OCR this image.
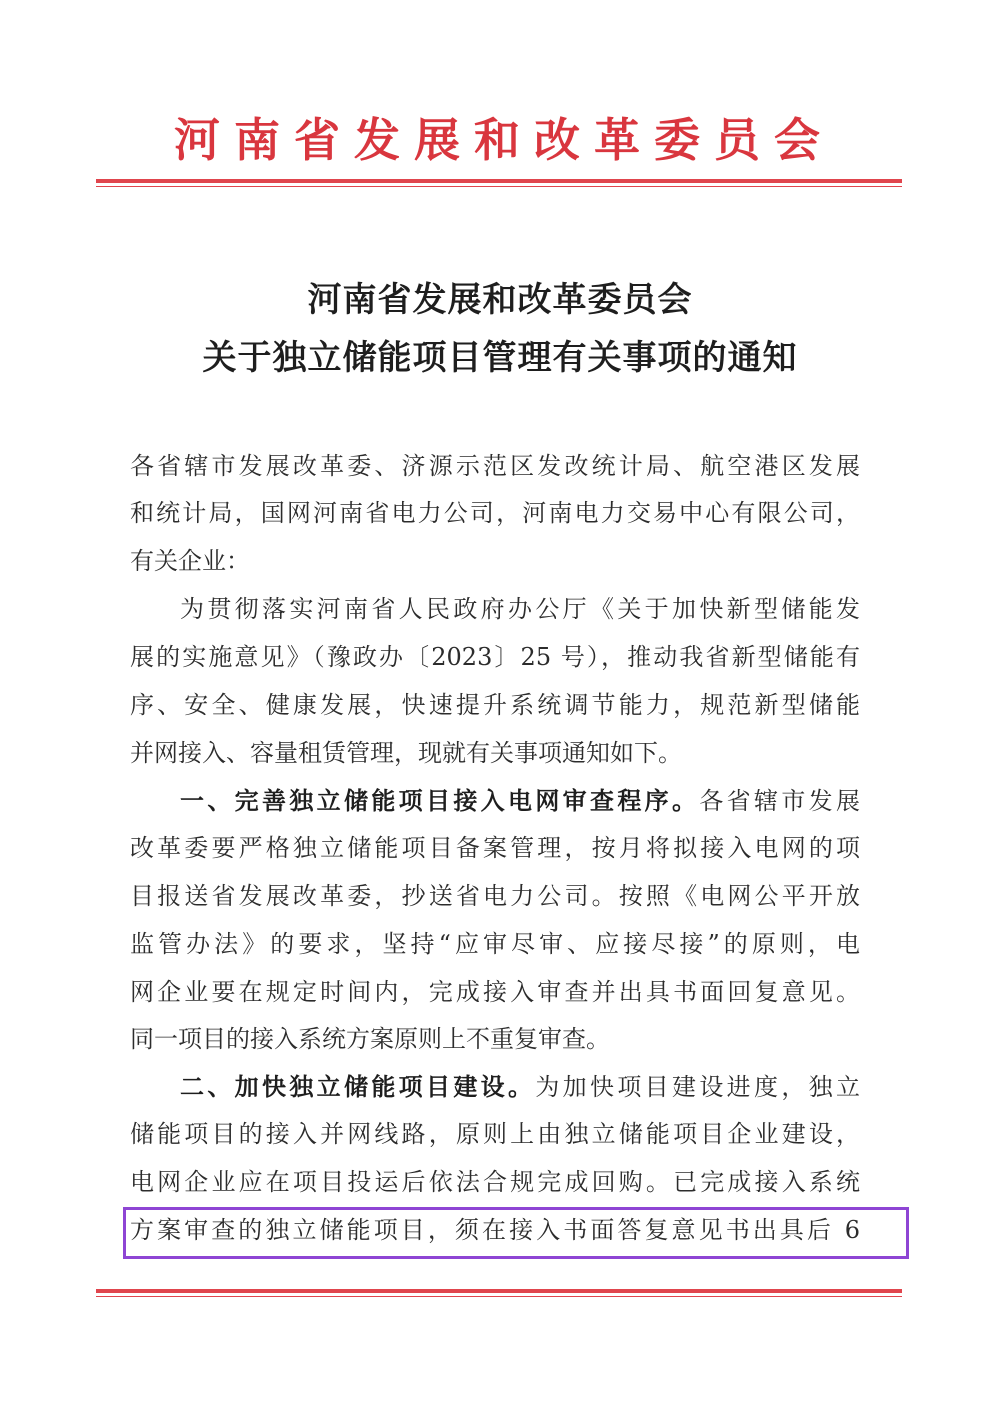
河南省发展和改革委员会
河南省发展和改革委员会
关于独立储能项目管理有关事项的通知
各省辖市发展改革委、济源示范区发改统计局、航空港区发展
和统计局，国网河南省电力公司，河南电力交易中心有限公司，
有关企业：
为贯彻落实河南省人民政府办公厅《关于加快新型储能发
展的实施意见》（豫政办〔2023〕25 号），推动我省新型储能有
序、安全、健康发展，快速提升系统调节能力，规范新型储能
并网接入、容量租赁管理，现就有关事项通知如下。
一、完善独立储能项目接入电网审查程序。各省辖市发展
改革委要严格独立储能项目备案管理，按月将拟接入电网的项
目报送省发展改革委，抄送省电力公司。按照《电网公平开放
监管办法》的要求，坚持“应审尽审、应接尽接”的原则，电
网企业要在规定时间内，完成接入审查并出具书面回复意见。
同一项目的接入系统方案原则上不重复审查。
二、加快独立储能项目建设。为加快项目建设进度，独立
储能项目的接入并网线路，原则上由独立储能项目企业建设，
电网企业应在项目投运后依法合规完成回购。已完成接入系统
方案审查的独立储能项目，须在接入书面答复意见书出具后 6
